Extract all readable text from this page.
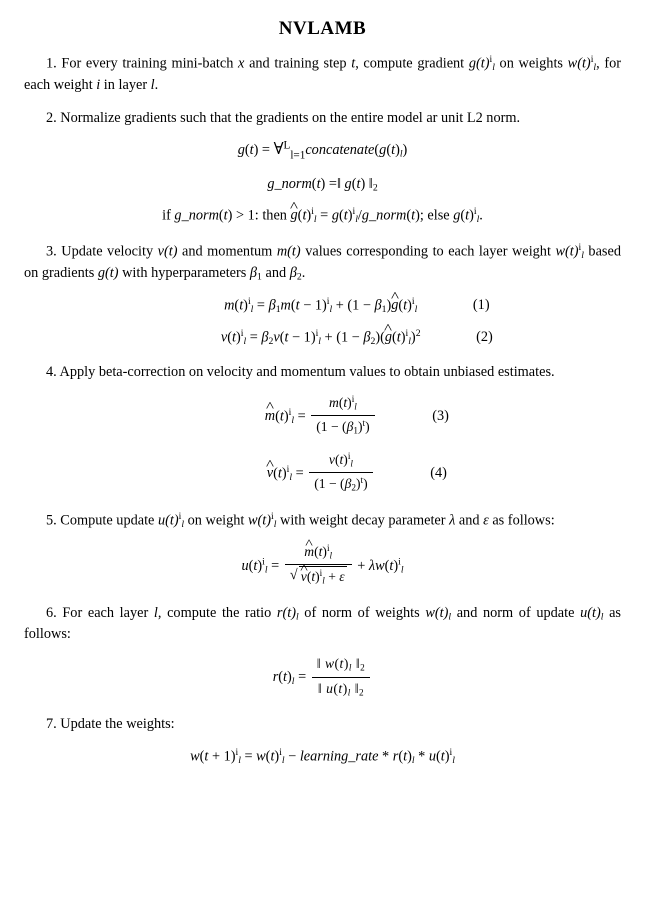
NVLAMB

1. For every training mini-batch x and training step t, compute gradient $g(t)^i_l$ on weights $w(t)^i_l$, for each weight i in layer l.

2. Normalize gradients such that the gradients on the entire model ar unit L2 norm.

$g(t) = \forall^L_{l=1}concatenate(g(t)_l)$
g_norm(t) =‖ g(t) $‖_2$
if g_norm(t) > 1: then ^ $g(t)^i_l$ = $g(t)^i_l/g\_norm(t)$; else $g(t)^i_l$.

3. Update velocity v(t) and momentum m(t) values corresponding to each layer weight $w(t)^i_l$ based on gradients g(t) with hyperparameters $\beta_1$ and $\beta_2$.

$m(t)^i_l = \beta_1m(t - 1)^i_l + (1$ − $\beta_1)\^{}$ $g(t)^i_l$	(1)
$v(t)^i_l = \beta_2v(t - 1)^i_l + (1$ − $\beta_2)(\^{}$ $g(t)^i_l)^2$	(2)

4. Apply beta-correction on velocity and momentum values to obtain unbiased estimates.

^ $m(t)^i_l = \frac{m(t)^i_l}{(1 - (\beta_1)^t)}$	(3)
^ $v(t)^i_l = \frac{v(t)^i_l}{(1 - (\beta_2)^t)}$	(4)

5. Compute update $u(t)^i_l$ on weight $w(t)^i_l$ with weight decay parameter λ and ε as follows:

$u(t)^i_l$ = ^ $m(t)^i_l$
√ ^ $v(t)^i_l + \varepsilon + \lambda w(t)^i_l$

6. For each layer l, compute the ratio $r(t)_l$ of norm of weights $w(t)_l$ and norm of update $u(t)_l$ as follows:

$r(t)_l = \frac{‖ w(t)_l ‖_2}{‖ u(t)_l ‖_2}$

7. Update the weights:

$w(t + 1)^i_l = w(t)^i_l$ − learning_rate * $r(t)_l * u(t)^i_l$
